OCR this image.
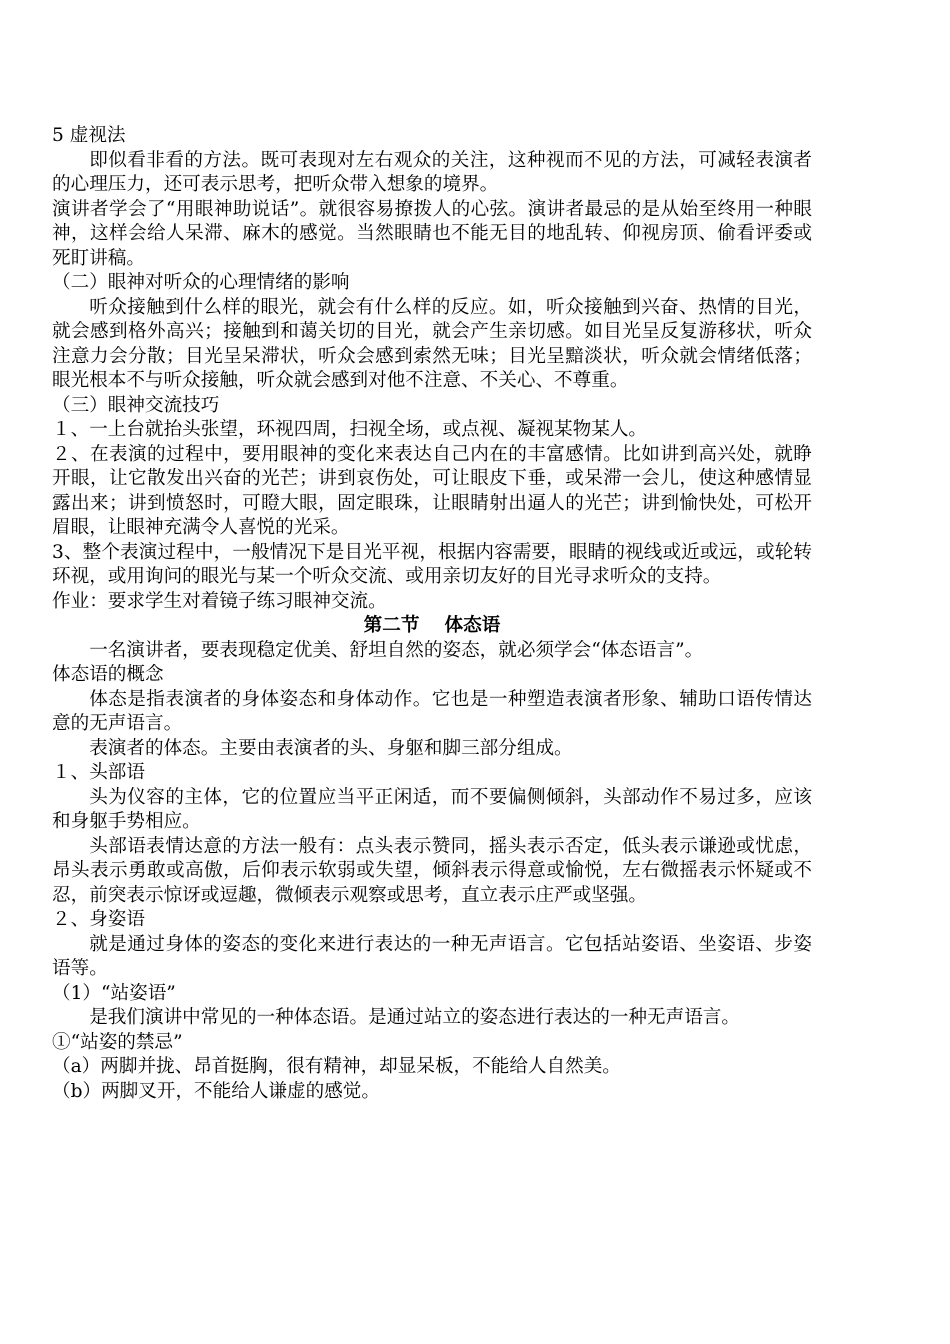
5 虚视法

即似看非看的方法。既可表现对左右观众的关注，这种视而不见的方法，可减轻表演者的心理压力，还可表示思考，把听众带入想象的境界。

演讲者学会了“用眼神助说话”。就很容易撩拨人的心弦。演讲者最忌的是从始至终用一种眼神，这样会给人呆滞、麻木的感觉。当然眼睛也不能无目的地乱转、仰视房顶、偷看评委或死盯讲稿。

（二）眼神对听众的心理情绪的影响

听众接触到什么样的眼光，就会有什么样的反应。如，听众接触到兴奋、热情的目光，就会感到格外高兴；接触到和蔼关切的目光，就会产生亲切感。如目光呈反复游移状，听众注意力会分散；目光呈呆滞状，听众会感到索然无味；目光呈黯淡状，听众就会情绪低落；眼光根本不与听众接触，听众就会感到对他不注意、不关心、不尊重。

（三）眼神交流技巧

１、一上台就抬头张望，环视四周，扫视全场，或点视、凝视某物某人。

２、在表演的过程中，要用眼神的变化来表达自己内在的丰富感情。比如讲到高兴处，就睁开眼，让它散发出兴奋的光芒；讲到哀伤处，可让眼皮下垂，或呆滞一会儿，使这种感情显露出来；讲到愤怒时，可瞪大眼，固定眼珠，让眼睛射出逼人的光芒；讲到愉快处，可松开眉眼，让眼神充满令人喜悦的光采。

3、整个表演过程中，一般情况下是目光平视，根据内容需要，眼睛的视线或近或远，或轮转环视，或用询问的眼光与某一个听众交流、或用亲切友好的目光寻求听众的支持。

作业：要求学生对着镜子练习眼神交流。

第二节　 体态语

一名演讲者，要表现稳定优美、舒坦自然的姿态，就必须学会“体态语言”。

体态语的概念

体态是指表演者的身体姿态和身体动作。它也是一种塑造表演者形象、辅助口语传情达意的无声语言。

表演者的体态。主要由表演者的头、身躯和脚三部分组成。

１、头部语

头为仪容的主体，它的位置应当平正闲适，而不要偏侧倾斜，头部动作不易过多，应该和身躯手势相应。

头部语表情达意的方法一般有：点头表示赞同，摇头表示否定，低头表示谦逊或忧虑，昂头表示勇敢或高傲，后仰表示软弱或失望，倾斜表示得意或愉悦，左右微摇表示怀疑或不忍，前突表示惊讶或逗趣，微倾表示观察或思考，直立表示庄严或坚强。

２、身姿语

就是通过身体的姿态的变化来进行表达的一种无声语言。它包括站姿语、坐姿语、步姿语等。

（1）“站姿语”

是我们演讲中常见的一种体态语。是通过站立的姿态进行表达的一种无声语言。

①“站姿的禁忌”

（a）两脚并拢、昂首挺胸，很有精神，却显呆板，不能给人自然美。

（b）两脚叉开，不能给人谦虚的感觉。
